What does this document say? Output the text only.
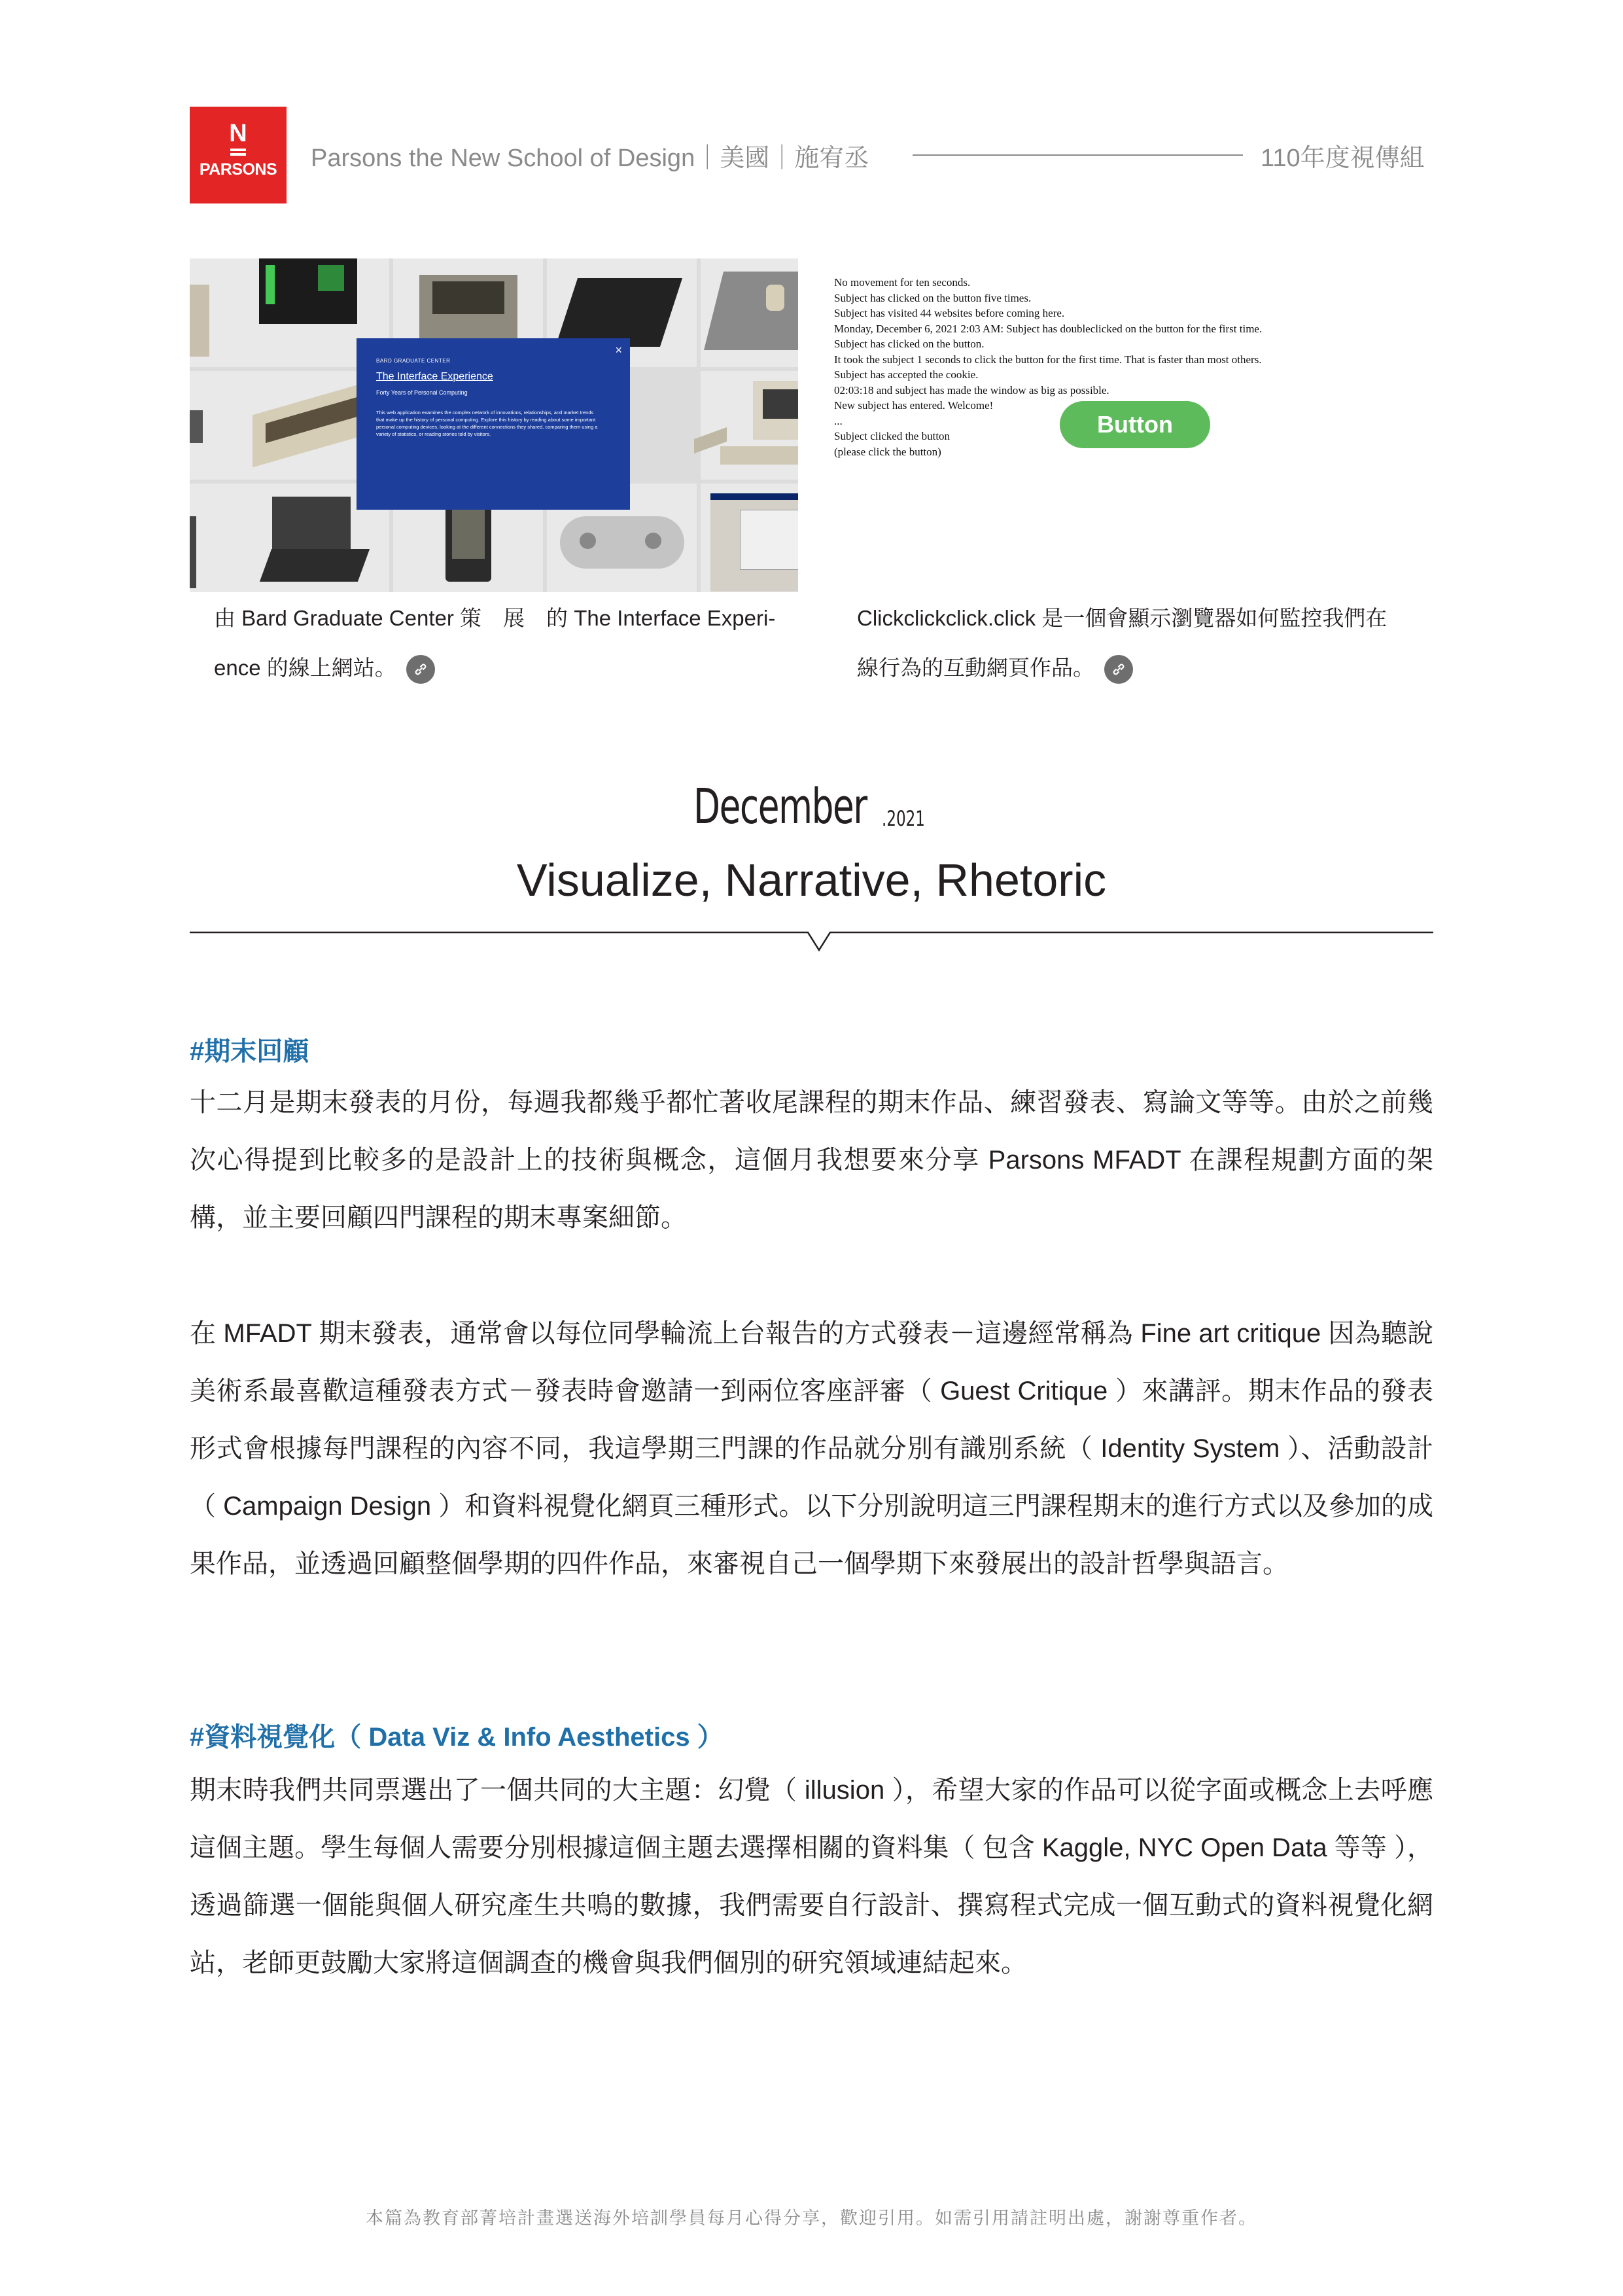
N
PARSONS	Parsons the New School of Design｜美國｜施宥丞	110年度視傳組
BARD GRADUATE CENTER
×
The Interface Experience
Forty Years of Personal Computing
This web application examines the complex network of innovations, relationships, and market trends that make up the history of personal computing. Explore this history by reading about some important personal computing devices, looking at the different connections they shared, comparing them using a variety of statistics, or reading stories told by visitors.
No movement for ten seconds.
Subject has clicked on the button five times.
Subject has visited 44 websites before coming here.
Monday, December 6, 2021 2:03 AM: Subject has doubleclicked on the button for the first time.
Subject has clicked on the button.
It took the subject 1 seconds to click the button for the first time. That is faster than most others.
Subject has accepted the cookie.
02:03:18 and subject has made the window as big as possible.
New subject has entered. Welcome!
...
Subject clicked the button
(please click the button)
Button
由 Bard Graduate Center 策　展　的 The Interface Experi-
ence 的線上網站。
Clickclickclick.click 是一個會顯示瀏覽器如何監控我們在
線行為的互動網頁作品。
December .2021
Visualize, Narrative, Rhetoric
#期末回顧
十二月是期末發表的月份，每週我都幾乎都忙著收尾課程的期末作品、練習發表、寫論文等等。由於之前幾次心得提到比較多的是設計上的技術與概念，這個月我想要來分享 Parsons MFADT 在課程規劃方面的架構，並主要回顧四門課程的期末專案細節。
在 MFADT 期末發表，通常會以每位同學輪流上台報告的方式發表－這邊經常稱為 Fine art critique 因為聽說美術系最喜歡這種發表方式－發表時會邀請一到兩位客座評審（ Guest Critique ）來講評。期末作品的發表形式會根據每門課程的內容不同，我這學期三門課的作品就分別有識別系統（ Identity System ）、活動設計（ Campaign Design ）和資料視覺化網頁三種形式。以下分別說明這三門課程期末的進行方式以及參加的成果作品，並透過回顧整個學期的四件作品，來審視自己一個學期下來發展出的設計哲學與語言。
#資料視覺化（ Data Viz & Info Aesthetics ）
期末時我們共同票選出了一個共同的大主題：幻覺（ illusion ），希望大家的作品可以從字面或概念上去呼應這個主題。學生每個人需要分別根據這個主題去選擇相關的資料集（ 包含 Kaggle, NYC Open Data 等等 ），透過篩選一個能與個人研究產生共鳴的數據，我們需要自行設計、撰寫程式完成一個互動式的資料視覺化網站，老師更鼓勵大家將這個調查的機會與我們個別的研究領域連結起來。
本篇為教育部菁培計畫選送海外培訓學員每月心得分享，歡迎引用。如需引用請註明出處，謝謝尊重作者。
